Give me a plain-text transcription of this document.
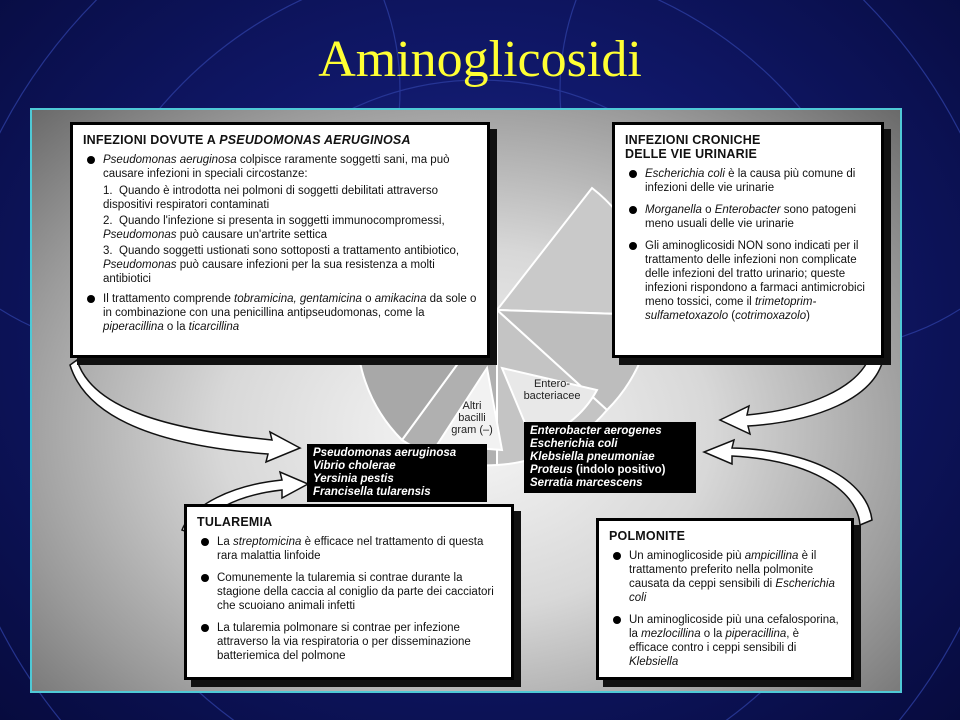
Aminoglicosidi
Entero-
bacteriacee
Altri
bacilli
gram (–)
INFEZIONI DOVUTE A PSEUDOMONAS AERUGINOSA
Pseudomonas aeruginosa colpisce raramente soggetti sani, ma può causare infezioni in speciali circostanze:
1. Quando è introdotta nei polmoni di soggetti debilitati attraverso dispositivi respiratori contaminati
2. Quando l'infezione si presenta in soggetti immunocompromessi, Pseudomonas può causare un'artrite settica
3. Quando soggetti ustionati sono sottoposti a trattamento antibiotico, Pseudomonas può causare infezioni per la sua resistenza a molti antibiotici
Il trattamento comprende tobramicina, gentamicina o amikacina da sole o in combinazione con una penicillina antipseudomonas, come la piperacillina o la ticarcillina
INFEZIONI CRONICHE
DELLE VIE URINARIE
Escherichia coli è la causa più comune di infezioni delle vie urinarie
Morganella o Enterobacter sono patogeni meno usuali delle vie urinarie
Gli aminoglicosidi NON sono indicati per il trattamento delle infezioni non complicate delle infezioni del tratto urinario; queste infezioni rispondono a farmaci antimicrobici meno tossici, come il trimetoprim-sulfametoxazolo (cotrimoxazolo)
Pseudomonas aeruginosa
Vibrio cholerae
Yersinia pestis
Francisella tularensis
Enterobacter aerogenes
Escherichia coli
Klebsiella pneumoniae
Proteus (indolo positivo)
Serratia marcescens
TULAREMIA
La streptomicina è efficace nel trattamento di questa rara malattia linfoide
Comunemente la tularemia si contrae durante la stagione della caccia al coniglio da parte dei cacciatori che scuoiano animali infetti
La tularemia polmonare si contrae per infezione attraverso la via respiratoria o per disseminazione batteriemica del polmone
POLMONITE
Un aminoglicoside più ampicillina è il trattamento preferito nella polmonite causata da ceppi sensibili di Escherichia coli
Un aminoglicoside più una cefalosporina, la mezlocillina o la piperacillina, è efficace contro i ceppi sensibili di Klebsiella
